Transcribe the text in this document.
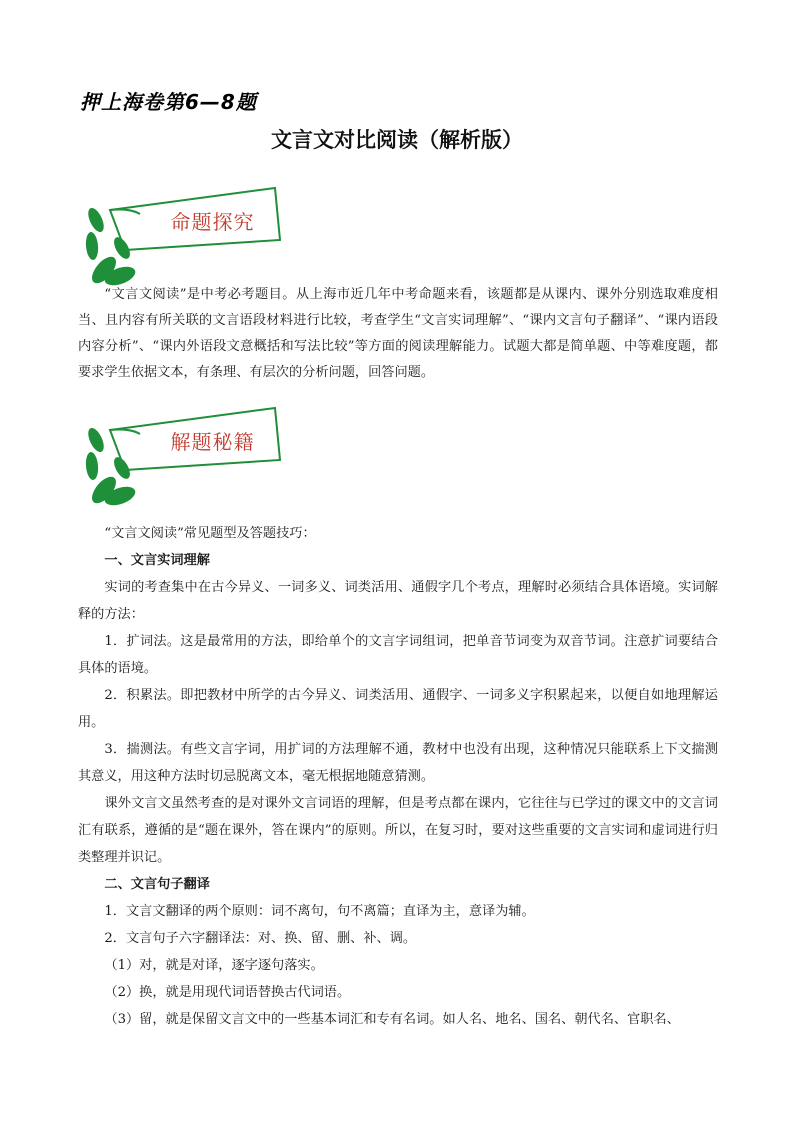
押上海卷第6—8题
文言文对比阅读（解析版）
命题探究
“文言文阅读”是中考必考题目。从上海市近几年中考命题来看，该题都是从课内、课外分别选取难度相当、且内容有所关联的文言语段材料进行比较，考查学生“文言实词理解”、“课内文言句子翻译”、“课内语段内容分析”、“课内外语段文意概括和写法比较”等方面的阅读理解能力。试题大都是简单题、中等难度题，都要求学生依据文本，有条理、有层次的分析问题，回答问题。
解题秘籍

“文言文阅读”常见题型及答题技巧：

一、文言实词理解

实词的考查集中在古今异义、一词多义、词类活用、通假字几个考点，理解时必须结合具体语境。实词解释的方法：

1．扩词法。这是最常用的方法，即给单个的文言字词组词，把单音节词变为双音节词。注意扩词要结合具体的语境。

2．积累法。即把教材中所学的古今异义、词类活用、通假字、一词多义字积累起来，以便自如地理解运用。

3．揣测法。有些文言字词，用扩词的方法理解不通，教材中也没有出现，这种情况只能联系上下文揣测其意义，用这种方法时切忌脱离文本，毫无根据地随意猜测。

课外文言文虽然考查的是对课外文言词语的理解，但是考点都在课内，它往往与已学过的课文中的文言词汇有联系，遵循的是“题在课外，答在课内”的原则。所以，在复习时，要对这些重要的文言实词和虚词进行归类整理并识记。

二、文言句子翻译

1．文言文翻译的两个原则：词不离句，句不离篇；直译为主，意译为辅。

2．文言句子六字翻译法：对、换、留、删、补、调。

（1）对，就是对译，逐字逐句落实。

（2）换，就是用现代词语替换古代词语。

（3）留，就是保留文言文中的一些基本词汇和专有名词。如人名、地名、国名、朝代名、官职名、
